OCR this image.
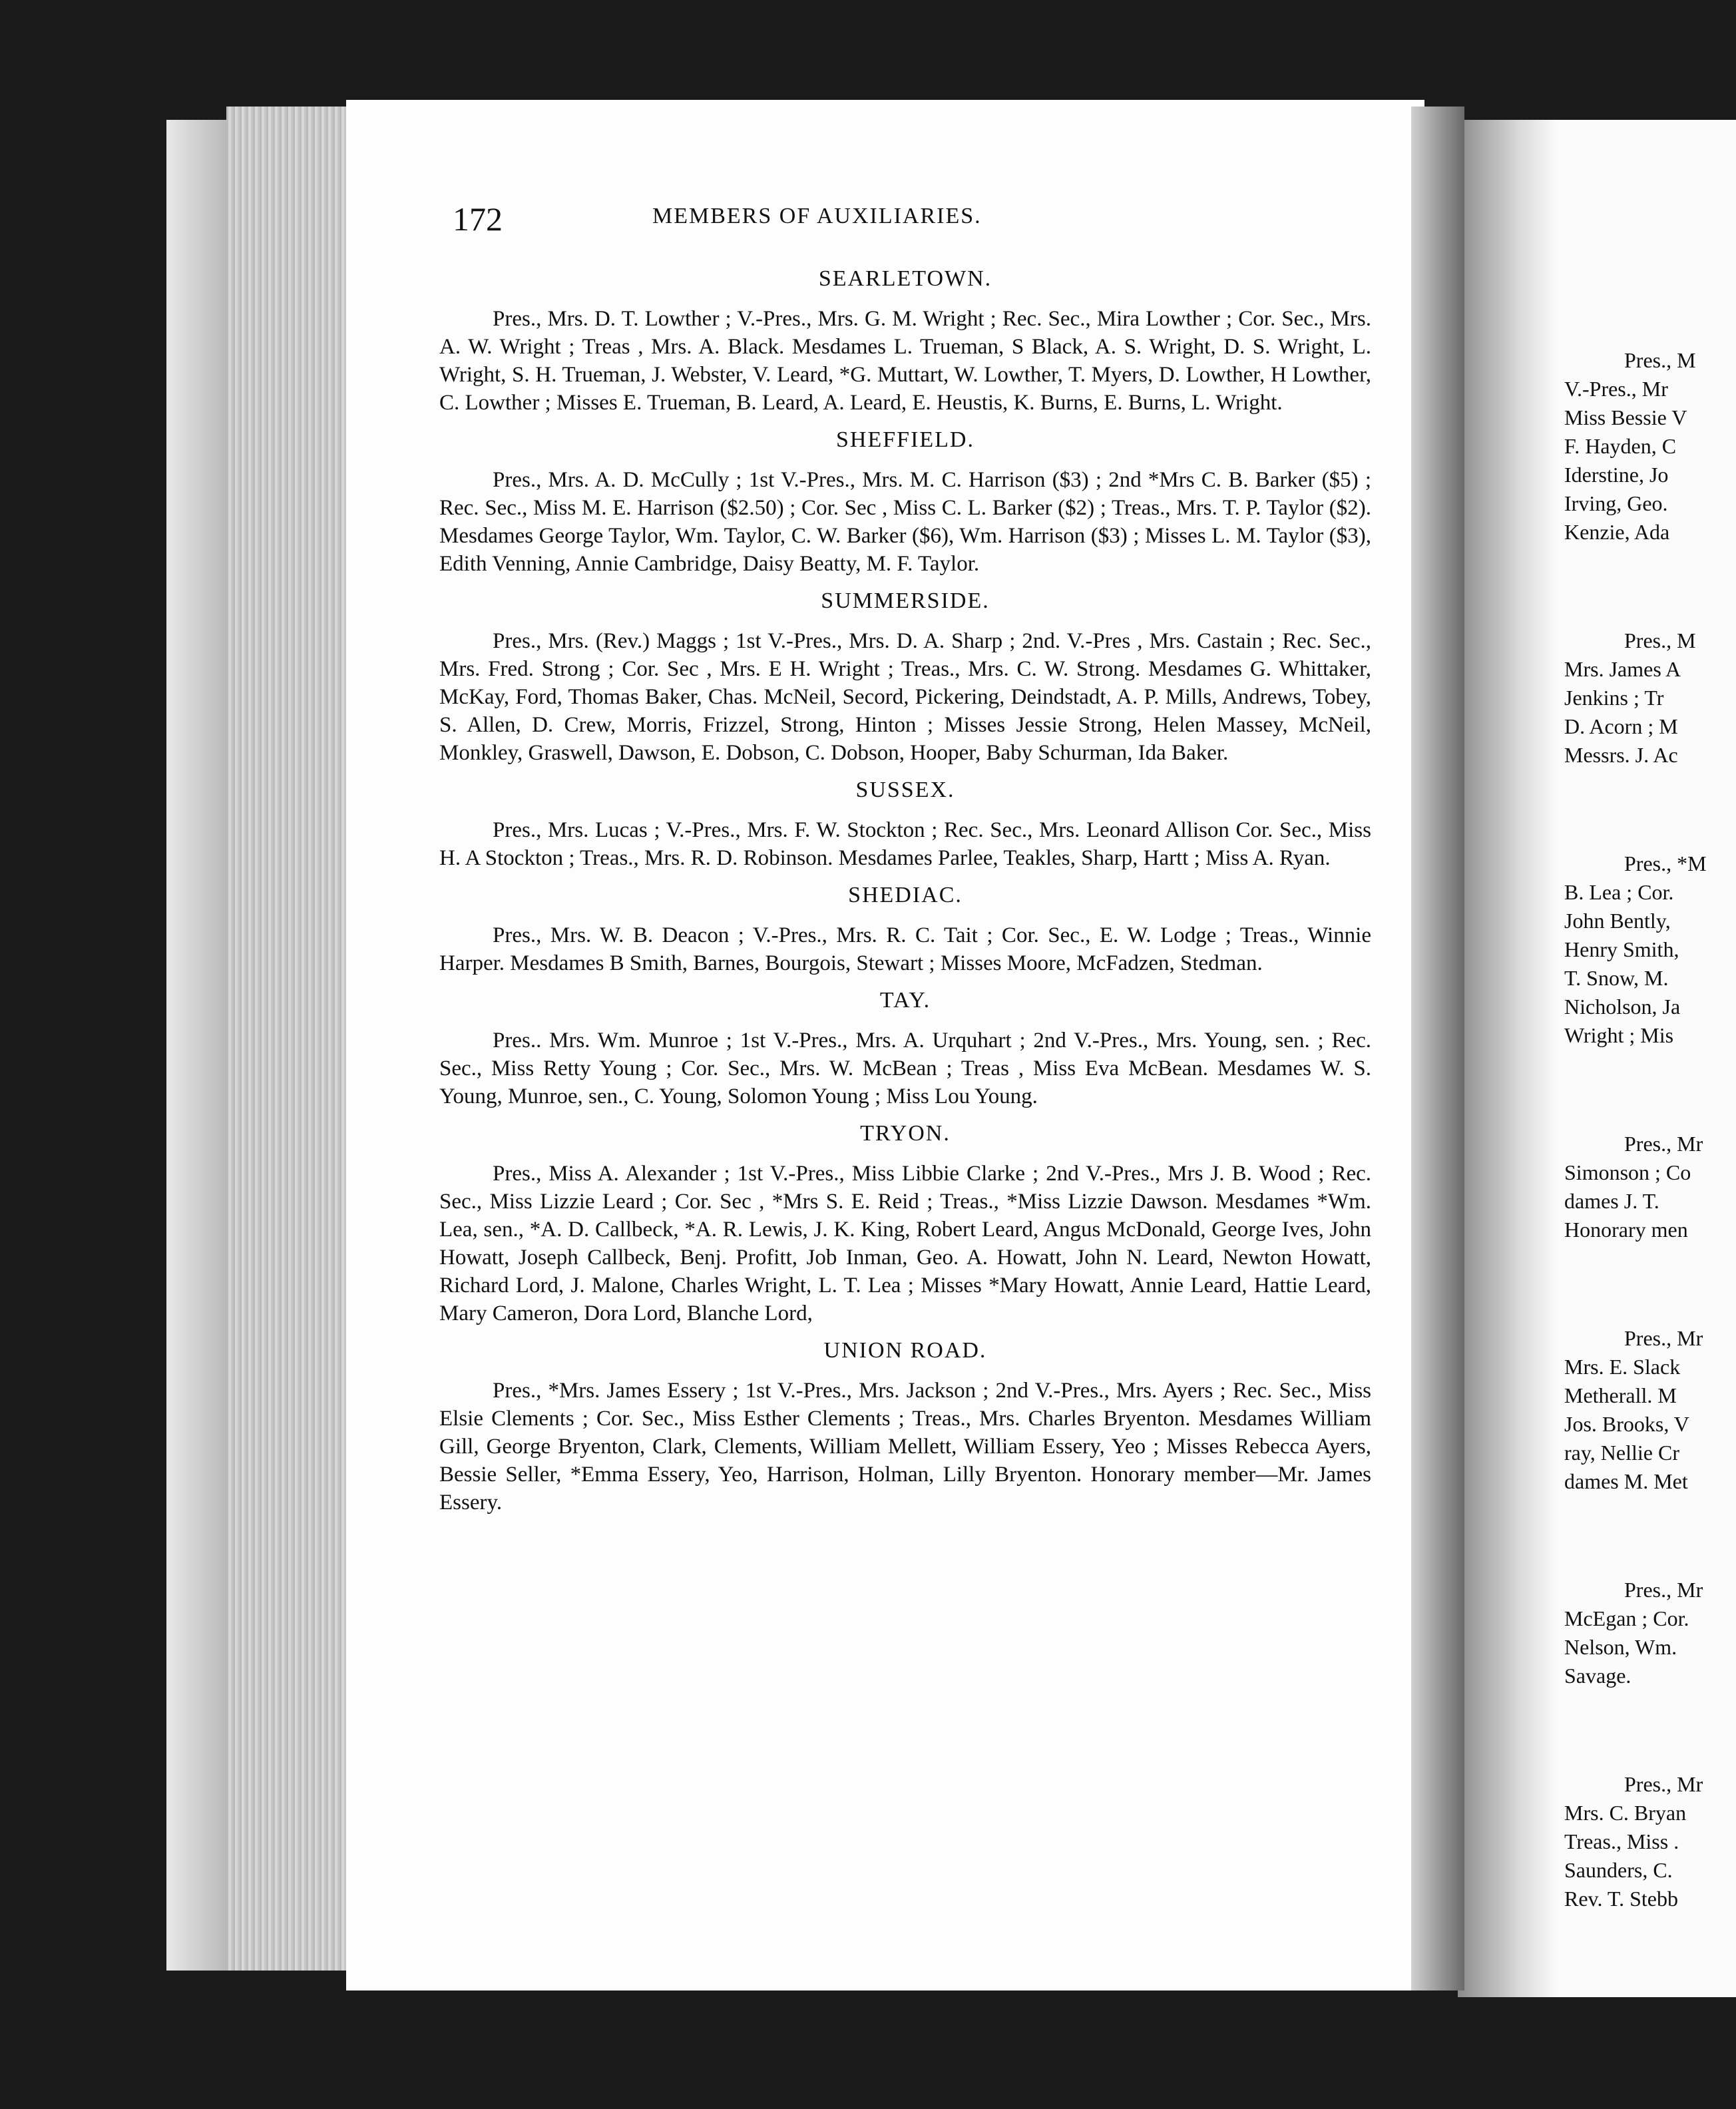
172	MEMBERS OF AUXILIARIES.
SEARLETOWN.

Pres., Mrs. D. T. Lowther ; V.-Pres., Mrs. G. M. Wright ; Rec. Sec., Mira Lowther ; Cor. Sec., Mrs. A. W. Wright ; Treas , Mrs. A. Black. Mesdames L. Trueman, S Black, A. S. Wright, D. S. Wright, L. Wright, S. H. Trueman, J. Webster, V. Leard, *G. Muttart, W. Lowther, T. Myers, D. Lowther, H Lowther, C. Lowther ; Misses E. Trueman, B. Leard, A. Leard, E. Heustis, K. Burns, E. Burns, L. Wright.

SHEFFIELD.

Pres., Mrs. A. D. McCully ; 1st V.-Pres., Mrs. M. C. Harrison ($3) ; 2nd *Mrs C. B. Barker ($5) ; Rec. Sec., Miss M. E. Harrison ($2.50) ; Cor. Sec , Miss C. L. Barker ($2) ; Treas., Mrs. T. P. Taylor ($2). Mesdames George Taylor, Wm. Taylor, C. W. Barker ($6), Wm. Harrison ($3) ; Misses L. M. Taylor ($3), Edith Venning, Annie Cambridge, Daisy Beatty, M. F. Taylor.

SUMMERSIDE.

Pres., Mrs. (Rev.) Maggs ; 1st V.-Pres., Mrs. D. A. Sharp ; 2nd. V.-Pres , Mrs. Castain ; Rec. Sec., Mrs. Fred. Strong ; Cor. Sec , Mrs. E H. Wright ; Treas., Mrs. C. W. Strong. Mesdames G. Whittaker, McKay, Ford, Thomas Baker, Chas. McNeil, Secord, Pickering, Deindstadt, A. P. Mills, Andrews, Tobey, S. Allen, D. Crew, Morris, Frizzel, Strong, Hinton ; Misses Jessie Strong, Helen Massey, McNeil, Monkley, Graswell, Dawson, E. Dobson, C. Dobson, Hooper, Baby Schurman, Ida Baker.

SUSSEX.

Pres., Mrs. Lucas ; V.-Pres., Mrs. F. W. Stockton ; Rec. Sec., Mrs. Leonard Allison Cor. Sec., Miss H. A Stockton ; Treas., Mrs. R. D. Robinson. Mesdames Parlee, Teakles, Sharp, Hartt ; Miss A. Ryan.

SHEDIAC.

Pres., Mrs. W. B. Deacon ; V.-Pres., Mrs. R. C. Tait ; Cor. Sec., E. W. Lodge ; Treas., Winnie Harper. Mesdames B Smith, Barnes, Bourgois, Stewart ; Misses Moore, McFadzen, Stedman.

TAY.

Pres.. Mrs. Wm. Munroe ; 1st V.-Pres., Mrs. A. Urquhart ; 2nd V.-Pres., Mrs. Young, sen. ; Rec. Sec., Miss Retty Young ; Cor. Sec., Mrs. W. McBean ; Treas , Miss Eva McBean. Mesdames W. S. Young, Munroe, sen., C. Young, Solomon Young ; Miss Lou Young.

TRYON.

Pres., Miss A. Alexander ; 1st V.-Pres., Miss Libbie Clarke ; 2nd V.-Pres., Mrs J. B. Wood ; Rec. Sec., Miss Lizzie Leard ; Cor. Sec , *Mrs S. E. Reid ; Treas., *Miss Lizzie Dawson. Mesdames *Wm. Lea, sen., *A. D. Callbeck, *A. R. Lewis, J. K. King, Robert Leard, Angus McDonald, George Ives, John Howatt, Joseph Callbeck, Benj. Profitt, Job Inman, Geo. A. Howatt, John N. Leard, Newton Howatt, Richard Lord, J. Malone, Charles Wright, L. T. Lea ; Misses *Mary Howatt, Annie Leard, Hattie Leard, Mary Cameron, Dora Lord, Blanche Lord,

UNION ROAD.

Pres., *Mrs. James Essery ; 1st V.-Pres., Mrs. Jackson ; 2nd V.-Pres., Mrs. Ayers ; Rec. Sec., Miss Elsie Clements ; Cor. Sec., Miss Esther Clements ; Treas., Mrs. Charles Bryenton. Mesdames William Gill, George Bryenton, Clark, Clements, William Mellett, William Essery, Yeo ; Misses Rebecca Ayers, Bessie Seller, *Emma Essery, Yeo, Harrison, Holman, Lilly Bryenton. Honorary member—Mr. James Essery.

Pres., M
V.-Pres., Mr
Miss Bessie V
F. Hayden, C
Iderstine, Jo
Irving, Geo.
Kenzie, Ada
Pres., M
Mrs. James A
Jenkins ; Tr
D. Acorn ; M
Messrs. J. Ac
Pres., *M
B. Lea ; Cor.
John Bently,
Henry Smith,
T. Snow, M.
Nicholson, Ja
Wright ; Mis
Pres., Mr
Simonson ; Co
dames J. T.
Honorary men
Pres., Mr
Mrs. E. Slack
Metherall. M
Jos. Brooks, V
ray, Nellie Cr
dames M. Met
Pres., Mr
McEgan ; Cor.
Nelson, Wm.
Savage.
Pres., Mr
Mrs. C. Bryan
Treas., Miss .
Saunders, C.
Rev. T. Stebb
